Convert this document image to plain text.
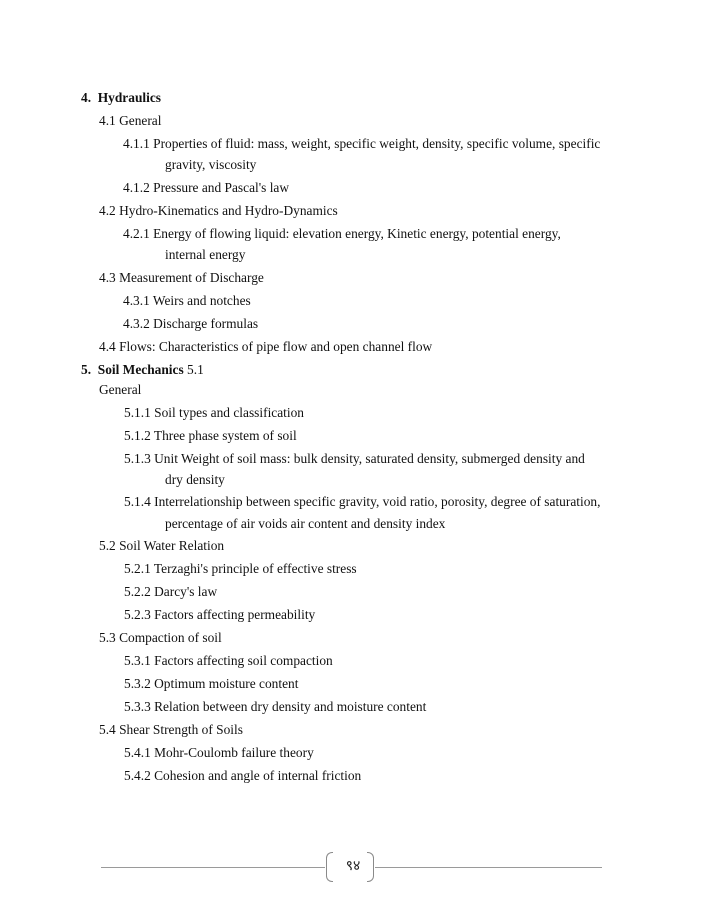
4. Hydraulics
4.1 General
4.1.1 Properties of fluid: mass, weight, specific weight, density, specific volume, specific
gravity, viscosity
4.1.2 Pressure and Pascal's law
4.2 Hydro-Kinematics and Hydro-Dynamics
4.2.1 Energy of flowing liquid: elevation energy, Kinetic energy, potential energy,
internal energy
4.3 Measurement of Discharge
4.3.1 Weirs and notches
4.3.2 Discharge formulas
4.4 Flows: Characteristics of pipe flow and open channel flow
5. Soil Mechanics 5.1
General
5.1.1 Soil types and classification
5.1.2 Three phase system of soil
5.1.3 Unit Weight of soil mass: bulk density, saturated density, submerged density and
dry density
5.1.4 Interrelationship between specific gravity, void ratio, porosity, degree of saturation,
percentage of air voids air content and density index
5.2 Soil Water Relation
5.2.1 Terzaghi's principle of effective stress
5.2.2 Darcy's law
5.2.3 Factors affecting permeability
5.3 Compaction of soil
5.3.1 Factors affecting soil compaction
5.3.2 Optimum moisture content
5.3.3 Relation between dry density and moisture content
5.4 Shear Strength of Soils
5.4.1 Mohr-Coulomb failure theory
5.4.2 Cohesion and angle of internal friction
९४
